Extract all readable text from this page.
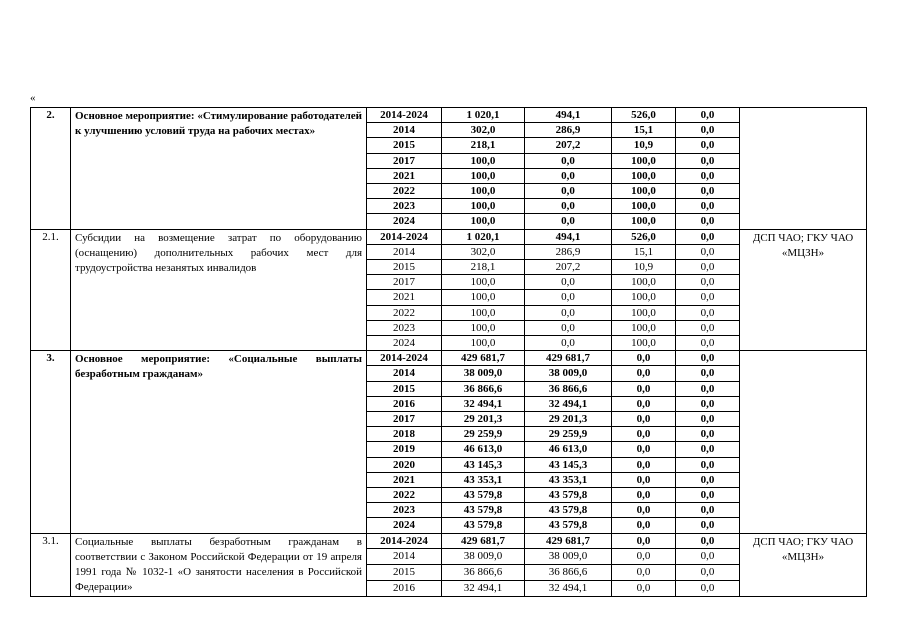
«
2.	Основное мероприятие: «Стимулирование работодателей к улучшению условий труда на рабочих местах»	2014-2024	1 020,1	494,1	526,0	0,0	
		2014	302,0	286,9	15,1	0,0	
		2015	218,1	207,2	10,9	0,0	
		2017	100,0	0,0	100,0	0,0	
		2021	100,0	0,0	100,0	0,0	
		2022	100,0	0,0	100,0	0,0	
		2023	100,0	0,0	100,0	0,0	
		2024	100,0	0,0	100,0	0,0	
2.1.	Субсидии на возмещение затрат по оборудованию (оснащению) дополнительных рабочих мест для трудоустройства незанятых инвалидов	2014-2024	1 020,1	494,1	526,0	0,0	ДСП ЧАО; ГКУ ЧАО «МЦЗН»
		2014	302,0	286,9	15,1	0,0	
		2015	218,1	207,2	10,9	0,0	
		2017	100,0	0,0	100,0	0,0	
		2021	100,0	0,0	100,0	0,0	
		2022	100,0	0,0	100,0	0,0	
		2023	100,0	0,0	100,0	0,0	
		2024	100,0	0,0	100,0	0,0	
3.	Основное мероприятие: «Социальные выплаты безработным гражданам»	2014-2024	429 681,7	429 681,7	0,0	0,0	
		2014	38 009,0	38 009,0	0,0	0,0	
		2015	36 866,6	36 866,6	0,0	0,0	
		2016	32 494,1	32 494,1	0,0	0,0	
		2017	29 201,3	29 201,3	0,0	0,0	
		2018	29 259,9	29 259,9	0,0	0,0	
		2019	46 613,0	46 613,0	0,0	0,0	
		2020	43 145,3	43 145,3	0,0	0,0	
		2021	43 353,1	43 353,1	0,0	0,0	
		2022	43 579,8	43 579,8	0,0	0,0	
		2023	43 579,8	43 579,8	0,0	0,0	
		2024	43 579,8	43 579,8	0,0	0,0	
3.1.	Социальные выплаты безработным гражданам в соответствии с Законом Российской Федерации от 19 апреля 1991 года № 1032-1 «О занятости населения в Российской Федерации»	2014-2024	429 681,7	429 681,7	0,0	0,0	ДСП ЧАО; ГКУ ЧАО «МЦЗН»
		2014	38 009,0	38 009,0	0,0	0,0	
		2015	36 866,6	36 866,6	0,0	0,0	
		2016	32 494,1	32 494,1	0,0	0,0	
